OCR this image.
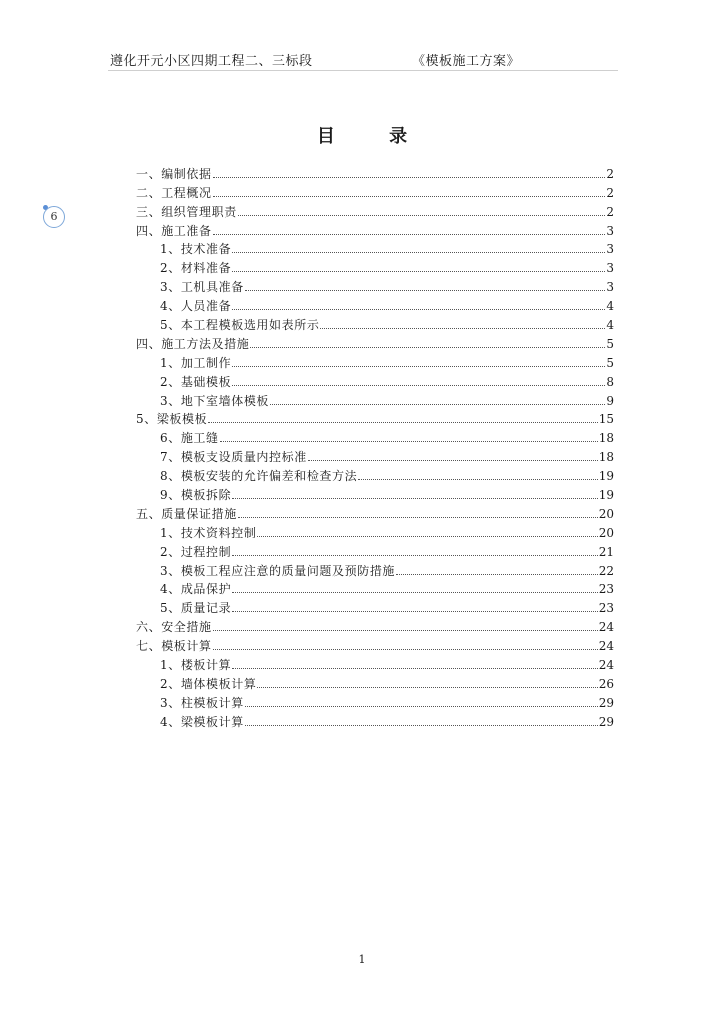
遵化开元小区四期工程二、三标段	《模板施工方案》
目 录
6
一、编制依据	2
二、工程概况	2
三、组织管理职责	2
四、施工准备	3
1、技术准备	3
2、材料准备	3
3、工机具准备	3
4、人员准备	4
5、本工程模板选用如表所示	4
四、施工方法及措施	5
1、加工制作	5
2、基础模板	8
3、地下室墙体模板	9
5、梁板模板	15
6、施工缝	18
7、模板支设质量内控标准	18
8、模板安装的允许偏差和检查方法	19
9、模板拆除	19
五、质量保证措施	20
1、技术资料控制	20
2、过程控制	21
3、模板工程应注意的质量问题及预防措施	22
4、成品保护	23
5、质量记录	23
六、安全措施	24
七、模板计算	24
1、楼板计算	24
2、墙体模板计算	26
3、柱模板计算	29
4、梁模板计算	29
1
